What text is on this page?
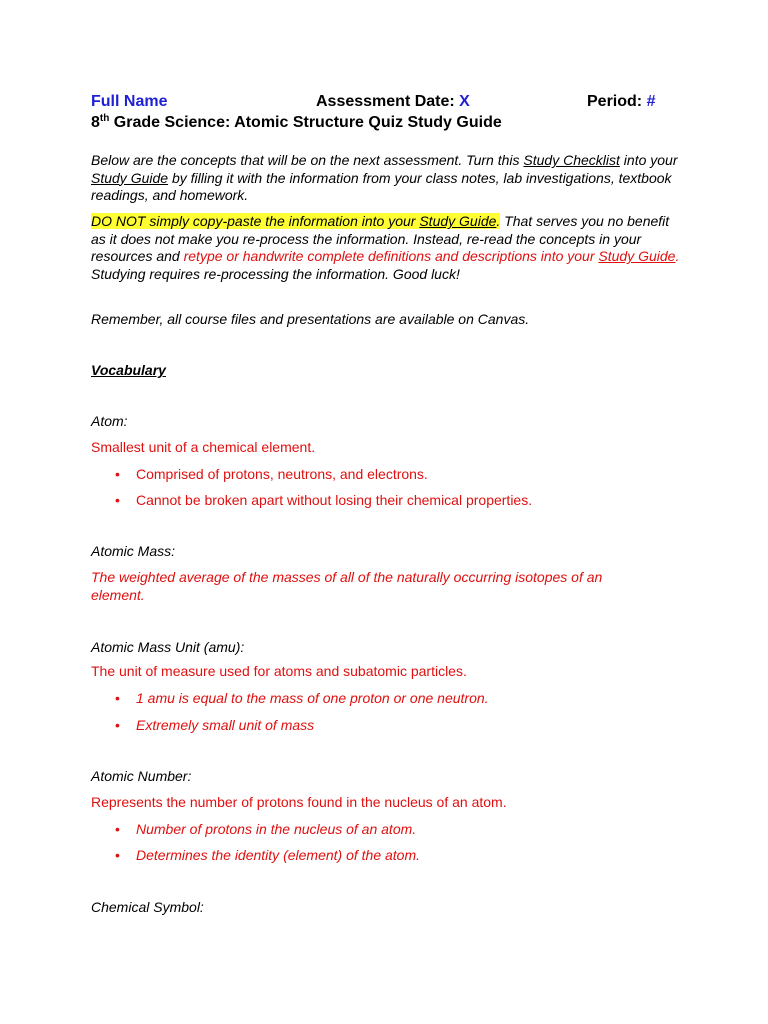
Full Name	Assessment Date: X	Period: #
8th Grade Science: Atomic Structure Quiz Study Guide

Below are the concepts that will be on the next assessment. Turn this Study Checklist into your Study Guide by filling it with the information from your class notes, lab investigations, textbook readings, and homework.

DO NOT simply copy-paste the information into your Study Guide. That serves you no benefit as it does not make you re-process the information. Instead, re-read the concepts in your resources and retype or handwrite complete definitions and descriptions into your Study Guide. Studying requires re-processing the information. Good luck!

Remember, all course files and presentations are available on Canvas.

Vocabulary
Atom:
Smallest unit of a chemical element.
• Comprised of protons, neutrons, and electrons.
• Cannot be broken apart without losing their chemical properties.
Atomic Mass:
The weighted average of the masses of all of the naturally occurring isotopes of an element.
Atomic Mass Unit (amu):
The unit of measure used for atoms and subatomic particles.
• 1 amu is equal to the mass of one proton or one neutron.
• Extremely small unit of mass
Atomic Number:
Represents the number of protons found in the nucleus of an atom.
• Number of protons in the nucleus of an atom.
• Determines the identity (element) of the atom.
Chemical Symbol:
